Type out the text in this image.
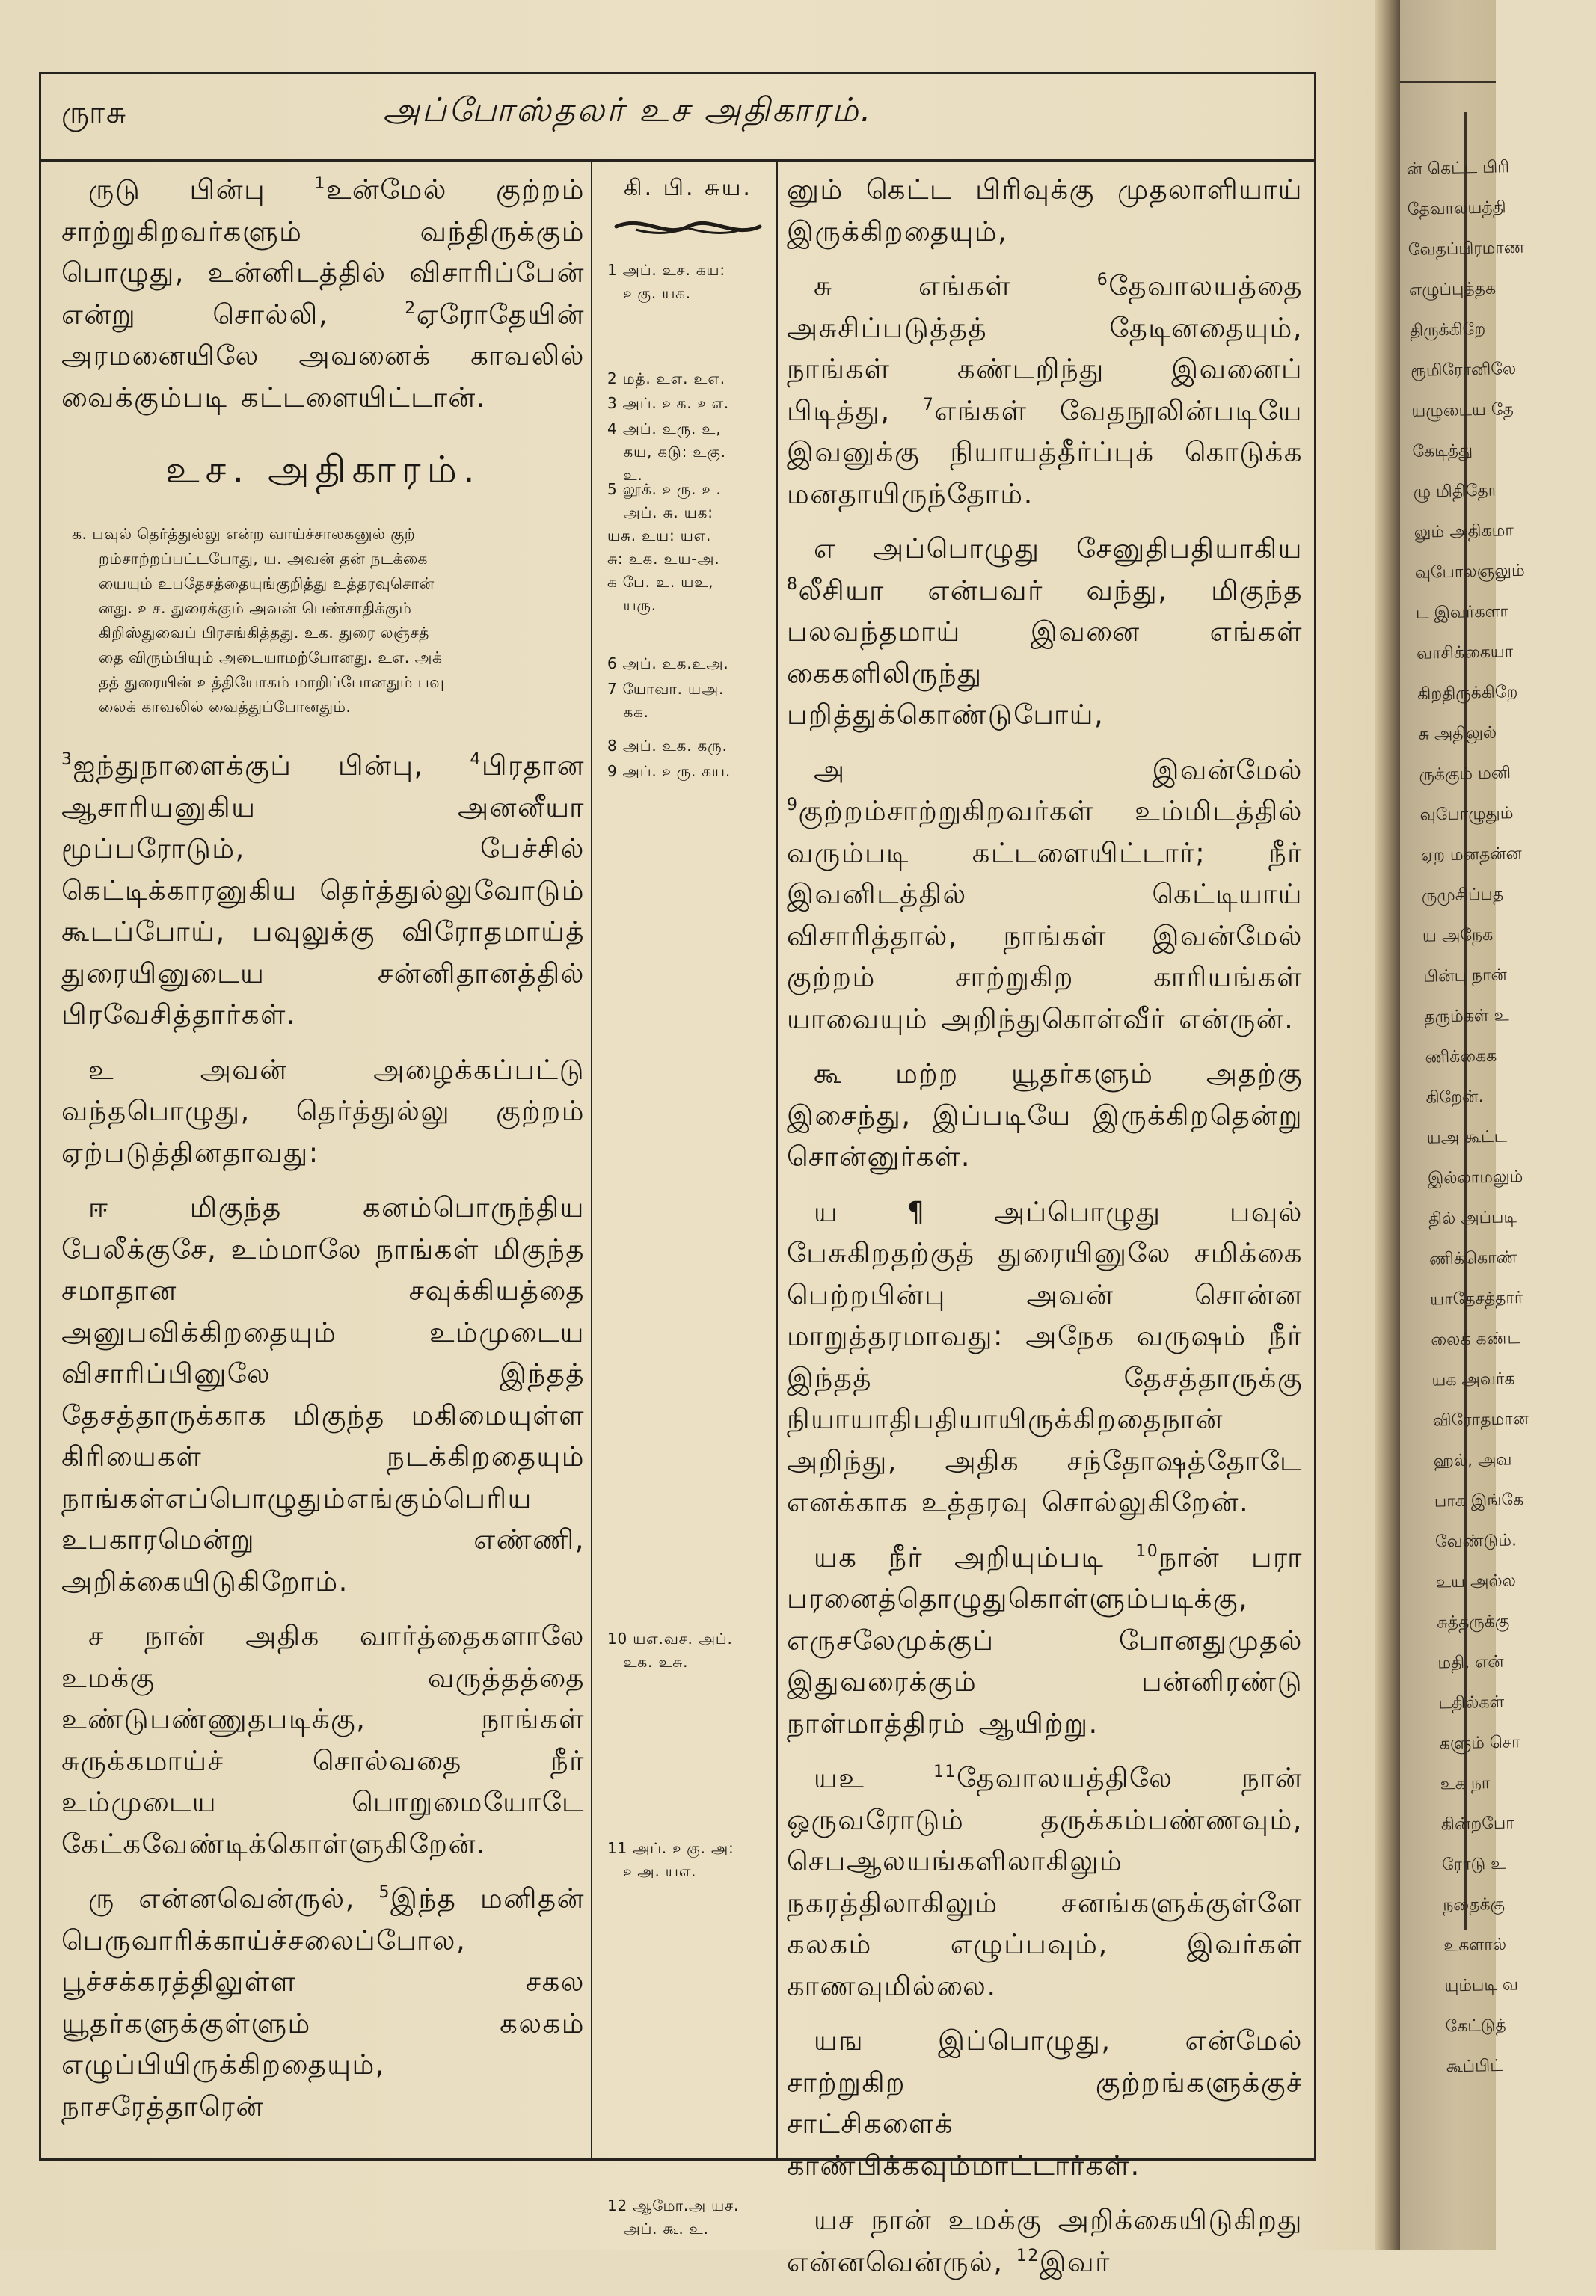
ன் கெட்ட பிரி
தேவாலயத்தி
வேதப்பிரமாண
எழுப்புத்தக
திருக்கிறே
ரூமிரோனிலே
யழுடைய தே
கேடித்து
ழு மிதிதோ
லும் அதிகமா
வுபோலஞலும்
ட இவர்களா
வாசிக்கையா
கிறதிருக்கிறே
சு அதிலுல்
ருக்கும் மனி
வுபோழுதும்
ஏற மனதன்ன
ருமுசிப்பத
ய அநேக
பின்பு நான்
தரும்கள் உ
ணிக்கைக
கிறேன்.
யஅ கூட்ட
இல்லாமலும்
தில் அப்படி
ணிக்கொண்
யாதேசத்தார்
லைக் கண்ட
யக அவர்க
விரோதமான
ஹல், அவ
பாக இங்கே
வேண்டும்.
உய அல்ல
சுத்தருக்கு
மதி, என்
டதில்கள்
களும் சொ
உக நா
கின்றபோ
ரோடு உ
நதைக்கு
உகளால்
யும்படி வ
கேட்டுத்
கூப்பிட்
ருாசு	அப்போஸ்தலர் உச அதிகாரம்.

ருடு பின்பு $^1$உன்மேல் குற்றம் சாற்றுகிறவர்களும் வந்திருக்கும் பொழுது, உன்னிடத்தில் விசாரிப்பேன் என்று சொல்லி, $^2$ஏரோதேயின் அரமனையிலே அவனைக் காவலில் வைக்கும்படி கட்டளையிட்டான்.

உச. அதிகாரம்.
க. பவுல் தெர்த்துல்லு என்ற வாய்ச்சாலகனுல் குற்
றம்சாற்றப்பட்டபோது, ய. அவன் தன் நடக்கை
யையும் உபதேசத்தையுங்குறித்து உத்தரவுசொன்
னது. உச. துரைக்கும் அவன் பெண்சாதிக்கும்
கிறிஸ்துவைப் பிரசங்கித்தது. உக. துரை லஞ்சத்
தை விரும்பியும் அடையாமற்போனது. உஎ. அக்
தத் துரையின் உத்தியோகம் மாறிப்போனதும் பவு
லைக் காவலில் வைத்துப்போனதும்.

$^3$ஐந்துநாளைக்குப் பின்பு, $^4$பிரதான ஆசாரியனுகிய அனனீயா மூப்பரோடும், பேச்சில் கெட்டிக்காரனுகிய தெர்த்துல்லுவோடும் கூடப்போய், பவுலுக்கு விரோதமாய்த் துரையினுடைய சன்னிதானத்தில் பிரவேசித்தார்கள்.

உ அவன் அழைக்கப்பட்டு வந்தபொழுது, தெர்த்துல்லு குற்றம் ஏற்படுத்தினதாவது:

ஈ மிகுந்த கனம்பொருந்திய பேலீக்குசே, உம்மாலே நாங்கள் மிகுந்த சமாதான சவுக்கியத்தை அனுபவிக்கிறதையும் உம்முடைய விசாரிப்பினுலே இந்தத் தேசத்தாருக்காக மிகுந்த மகிமையுள்ள கிரியைகள் நடக்கிறதையும் நாங்கள்எப்பொழுதும்எங்கும்பெரிய உபகாரமென்று எண்ணி, அறிக்கையிடுகிறோம்.

ச நான் அதிக வார்த்தைகளாலே உமக்கு வருத்தத்தை உண்டுபண்ணுதபடிக்கு, நாங்கள் சுருக்கமாய்ச் சொல்வதை நீர் உம்முடைய பொறுமையோடே கேட்கவேண்டிக்கொள்ளுகிறேன்.

ரு என்னவென்ருல், $^5$இந்த மனிதன் பெருவாரிக்காய்ச்சலைப்போல, பூச்சக்கரத்திலுள்ள சகல யூதர்களுக்குள்ளும் கலகம் எழுப்பியிருக்கிறதையும், நாசரேத்தாரென்

கி. பி. சுய.
1 அப். உச. கய:
உகு. யக.
2 மத். உஎ. உஎ.
3 அப். உக. உஎ.
4 அப். உரு. உ,
கய, கடு: உகு.
உ.
5 லூக். உரு. உ.
அப். சு. யக:
யசு. உய: யஎ.
சு: உக. உய-அ.
க பே. உ. யஉ,
யரு.
6 அப். உக.உஅ.
7 யோவா. யஅ.
கக.
8 அப். உக. கரு.
9 அப். உரு. கய.
10 யஎ.வச. அப்.
உக. உசு.
11 அப். உகு. அ:
உஅ. யஎ.
12 ஆமோ.அ யச.
அப். கூ. உ.

னும் கெட்ட பிரிவுக்கு முதலாளியாய் இருக்கிறதையும்,

சு எங்கள் $^6$தேவாலயத்தை அசுசிப்படுத்தத் தேடினதையும், நாங்கள் கண்டறிந்து இவனைப் பிடித்து, $^7$எங்கள் வேதநூலின்படியே இவனுக்கு நியாயத்தீர்ப்புக் கொடுக்க மனதாயிருந்தோம்.

எ அப்பொழுது சேனுதிபதியாகிய $^8$லீசியா என்பவர் வந்து, மிகுந்த பலவந்தமாய் இவனை எங்கள் கைகளிலிருந்து பறித்துக்கொண்டுபோய்,

அ இவன்மேல் $^9$குற்றம்சாற்றுகிறவர்கள் உம்மிடத்தில் வரும்படி கட்டளையிட்டார்; நீர் இவனிடத்தில் கெட்டியாய் விசாரித்தால், நாங்கள் இவன்மேல் குற்றம் சாற்றுகிற காரியங்கள் யாவையும் அறிந்துகொள்வீர் என்ருன்.

கூ மற்ற யூதர்களும் அதற்கு இசைந்து, இப்படியே இருக்கிறதென்று சொன்னுர்கள்.

ய ¶ அப்பொழுது பவுல் பேசுகிறதற்குத் துரையினுலே சமிக்கை பெற்றபின்பு அவன் சொன்ன மாறுத்தரமாவது: அநேக வருஷம் நீர் இந்தத் தேசத்தாருக்கு நியாயாதிபதியாயிருக்கிறதைநான் அறிந்து, அதிக சந்தோஷத்தோடே எனக்காக உத்தரவு சொல்லுகிறேன்.

யக நீர் அறியும்படி $^{10}$நான் பரா பரனைத்தொழுதுகொள்ளும்படிக்கு, எருசலேமுக்குப் போனதுமுதல் இதுவரைக்கும் பன்னிரண்டு நாள்மாத்திரம் ஆயிற்று.

யஉ $^{11}$தேவாலயத்திலே நான் ஒருவரோடும் தருக்கம்பண்ணவும், செபஆலயங்களிலாகிலும் நகரத்திலாகிலும் சனங்களுக்குள்ளே கலகம் எழுப்பவும், இவர்கள் காணவுமில்லை.

யங இப்பொழுது, என்மேல் சாற்றுகிற குற்றங்களுக்குச் சாட்சிகளைக் காண்பிக்கவும்மாட்டார்கள்.

யச நான் உமக்கு அறிக்கையிடுகிறது என்னவென்ருல், $^{12}$இவர்
